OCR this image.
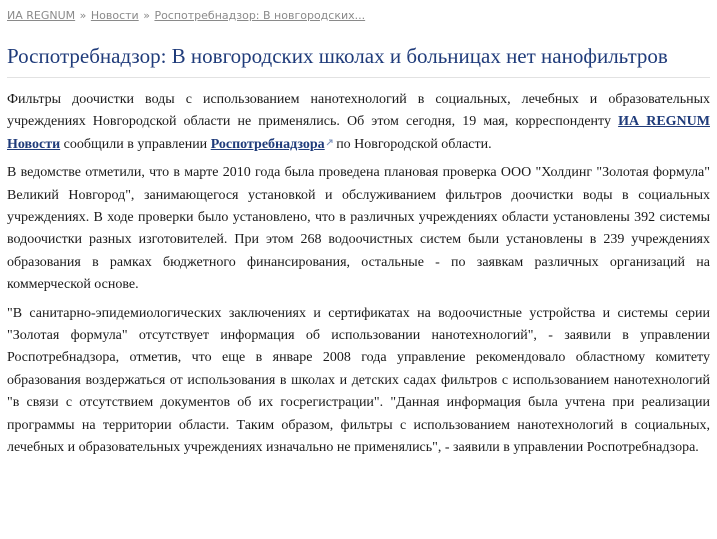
ИА REGNUM » Новости » Роспотребнадзор: В новгородских...
Роспотребнадзор: В новгородских школах и больницах нет нанофильтров

Фильтры доочистки воды с использованием нанотехнологий в социальных, лечебных и образовательных учреждениях Новгородской области не применялись. Об этом сегодня, 19 мая, корреспонденту ИА REGNUM Новости сообщили в управлении Роспотребнадзора по Новгородской области.

В ведомстве отметили, что в марте 2010 года была проведена плановая проверка ООО "Холдинг "Золотая формула" Великий Новгород", занимающегося установкой и обслуживанием фильтров доочистки воды в социальных учреждениях. В ходе проверки было установлено, что в различных учреждениях области установлены 392 системы водоочистки разных изготовителей. При этом 268 водоочистных систем были установлены в 239 учреждениях образования в рамках бюджетного финансирования, остальные - по заявкам различных организаций на коммерческой основе.

"В санитарно-эпидемиологических заключениях и сертификатах на водоочистные устройства и системы серии "Золотая формула" отсутствует информация об использовании нанотехнологий", - заявили в управлении Роспотребнадзора, отметив, что еще в январе 2008 года управление рекомендовало областному комитету образования воздержаться от использования в школах и детских садах фильтров с использованием нанотехнологий "в связи с отсутствием документов об их госрегистрации". "Данная информация была учтена при реализации программы на территории области. Таким образом, фильтры с использованием нанотехнологий в социальных, лечебных и образовательных учреждениях изначально не применялись", - заявили в управлении Роспотребнадзора.
